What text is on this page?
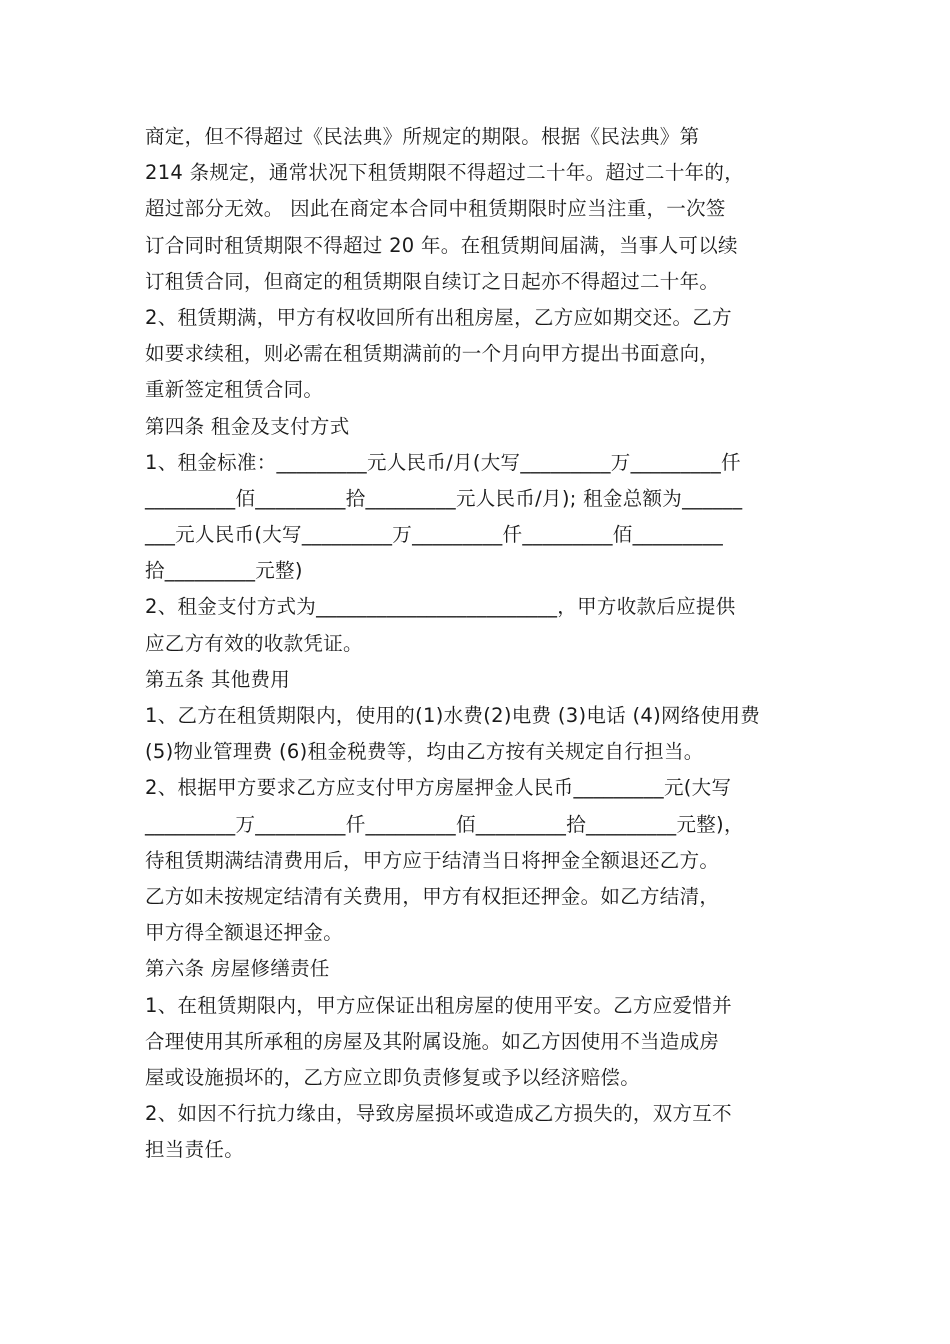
商定，但不得超过《民法典》所规定的期限。根据《民法典》第
214 条规定，通常状况下租赁期限不得超过二十年。超过二十年的，
超过部分无效。 因此在商定本合同中租赁期限时应当注重，一次签
订合同时租赁期限不得超过 20 年。在租赁期间届满，当事人可以续
订租赁合同，但商定的租赁期限自续订之日起亦不得超过二十年。
2、租赁期满，甲方有权收回所有出租房屋，乙方应如期交还。乙方
如要求续租，则必需在租赁期满前的一个月向甲方提出书面意向，
重新签定租赁合同。
第四条 租金及支付方式
1、租金标准：_________元人民币/月(大写_________万_________仟
_________佰_________拾_________元人民币/月); 租金总额为______
___元人民币(大写_________万_________仟_________佰_________
拾_________元整)
2、租金支付方式为________________________，甲方收款后应提供
应乙方有效的收款凭证。
第五条 其他费用
1、乙方在租赁期限内，使用的(1)水费(2)电费 (3)电话 (4)网络使用费
(5)物业管理费 (6)租金税费等，均由乙方按有关规定自行担当。
2、根据甲方要求乙方应支付甲方房屋押金人民币_________元(大写
_________万_________仟_________佰_________拾_________元整)，
待租赁期满结清费用后，甲方应于结清当日将押金全额退还乙方。
乙方如未按规定结清有关费用，甲方有权拒还押金。如乙方结清，
甲方得全额退还押金。
第六条 房屋修缮责任
1、在租赁期限内，甲方应保证出租房屋的使用平安。乙方应爱惜并
合理使用其所承租的房屋及其附属设施。如乙方因使用不当造成房
屋或设施损坏的，乙方应立即负责修复或予以经济赔偿。
2、如因不行抗力缘由，导致房屋损坏或造成乙方损失的，双方互不
担当责任。
